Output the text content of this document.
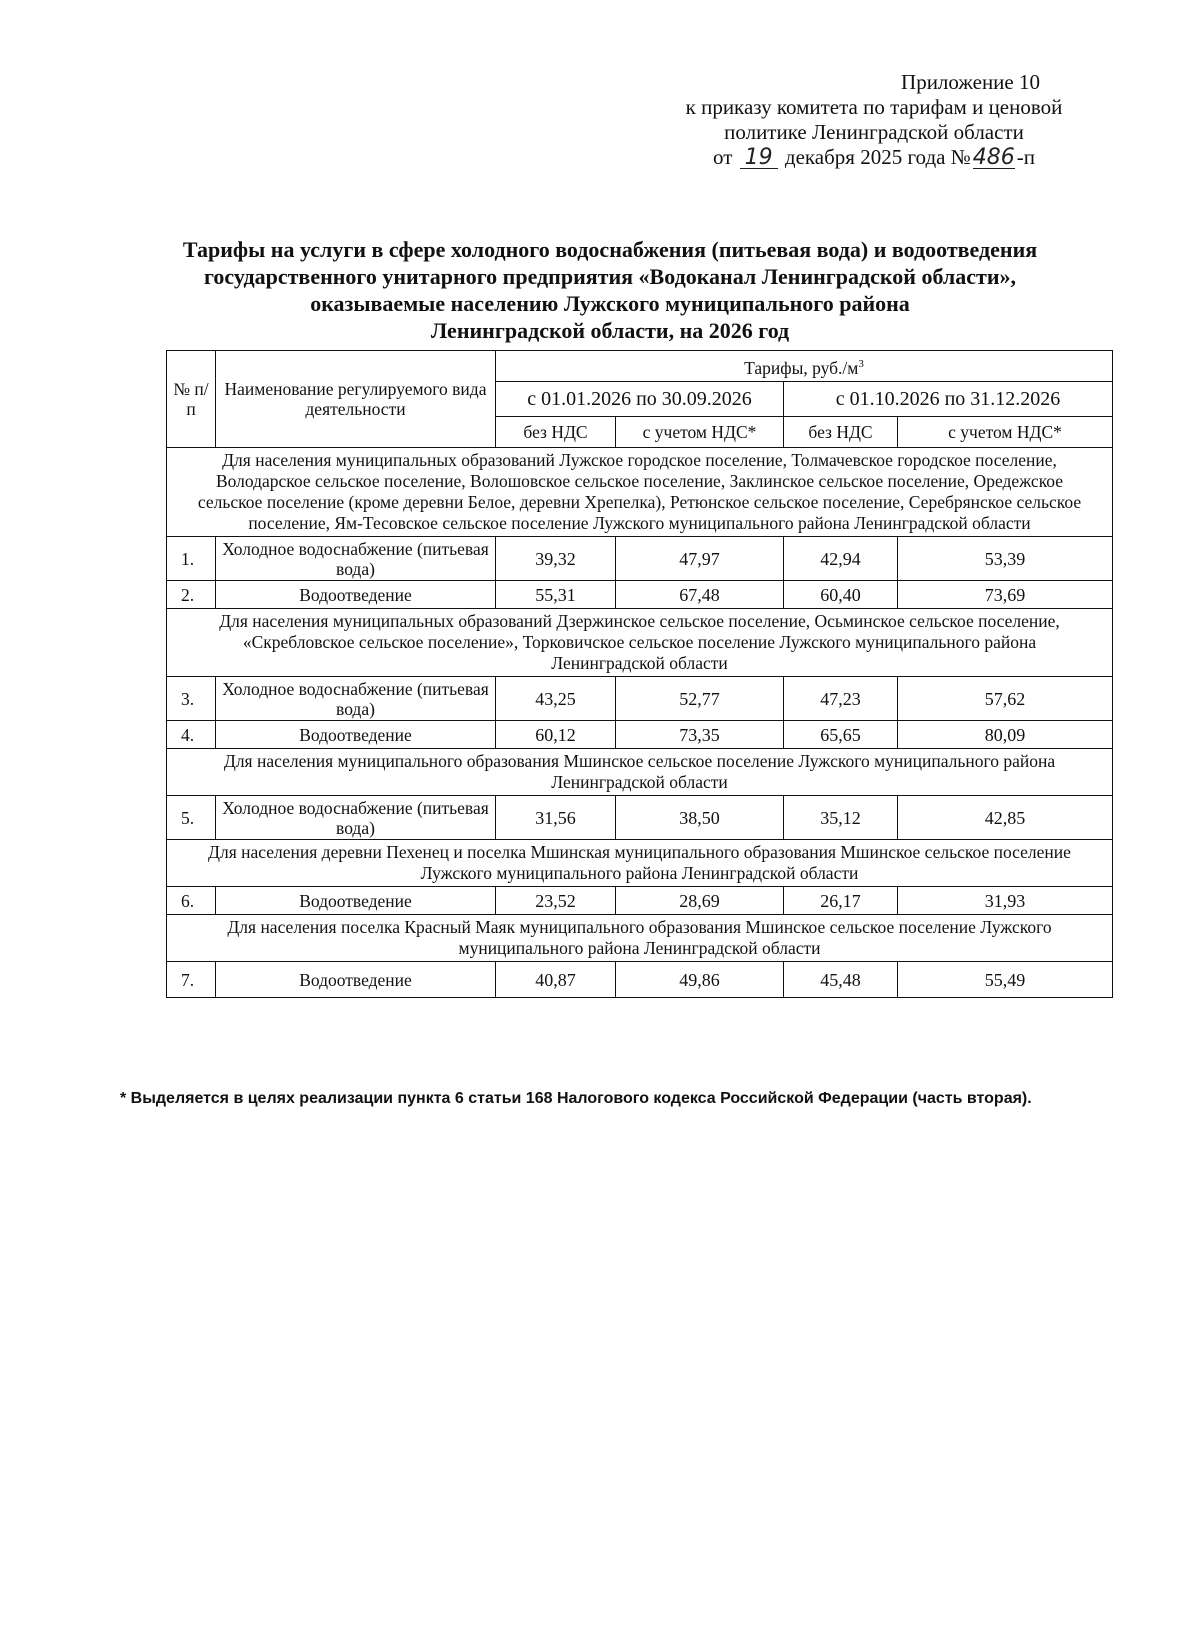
Приложение 10
к приказу комитета по тарифам и ценовой
политике Ленинградской области
от 19 декабря 2025 года №486-п
Тарифы на услуги в сфере холодного водоснабжения (питьевая вода) и водоотведения
государственного унитарного предприятия «Водоканал Ленинградской области»,
оказываемые населению Лужского муниципального района
Ленинградской области, на 2026 год
№ п/п	Наименование регулируемого вида деятельности	Тарифы, $руб./м^3$
		с 01.01.2026 по 30.09.2026		с 01.10.2026 по 31.12.2026	
		без НДС	с учетом НДС*	без НДС	с учетом НДС*
Для населения муниципальных образований Лужское городское поселение, Толмачевское городское поселение, Володарское сельское поселение, Волошовское сельское поселение, Заклинское сельское поселение, Оредежское сельское поселение (кроме деревни Белое, деревни Хрепелка), Ретюнское сельское поселение, Серебрянское сельское поселение, Ям-Тесовское сельское поселение Лужского муниципального района Ленинградской области					
1.	Холодное водоснабжение (питьевая вода)	39,32	47,97	42,94	53,39
2.	Водоотведение	55,31	67,48	60,40	73,69
Для населения муниципальных образований Дзержинское сельское поселение, Осьминское сельское поселение, «Скребловское сельское поселение», Торковичское сельское поселение Лужского муниципального района Ленинградской области					
3.	Холодное водоснабжение (питьевая вода)	43,25	52,77	47,23	57,62
4.	Водоотведение	60,12	73,35	65,65	80,09
Для населения муниципального образования Мшинское сельское поселение Лужского муниципального района Ленинградской области					
5.	Холодное водоснабжение (питьевая вода)	31,56	38,50	35,12	42,85
Для населения деревни Пехенец и поселка Мшинская муниципального образования Мшинское сельское поселение Лужского муниципального района Ленинградской области					
6.	Водоотведение	23,52	28,69	26,17	31,93
Для населения поселка Красный Маяк муниципального образования Мшинское сельское поселение Лужского муниципального района Ленинградской области					
7.	Водоотведение	40,87	49,86	45,48	55,49
* Выделяется в целях реализации пункта 6 статьи 168 Налогового кодекса Российской Федерации (часть вторая).
